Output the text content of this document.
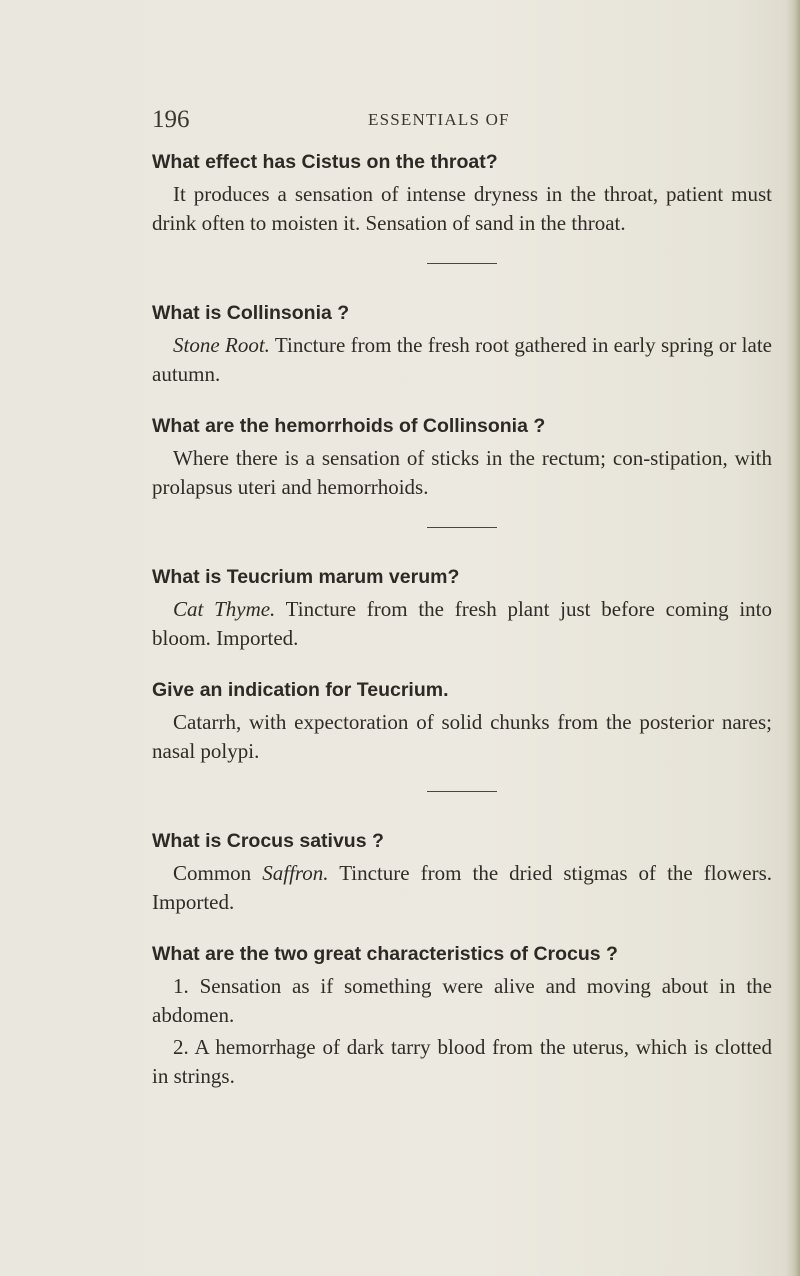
196	ESSENTIALS OF

What effect has Cistus on the throat?

It produces a sensation of intense dryness in the throat, patient must drink often to moisten it. Sensation of sand in the throat.

What is Collinsonia ?

Stone Root. Tincture from the fresh root gathered in early spring or late autumn.

What are the hemorrhoids of Collinsonia ?

Where there is a sensation of sticks in the rectum; con-stipation, with prolapsus uteri and hemorrhoids.

What is Teucrium marum verum?

Cat Thyme. Tincture from the fresh plant just before coming into bloom. Imported.

Give an indication for Teucrium.

Catarrh, with expectoration of solid chunks from the posterior nares; nasal polypi.

What is Crocus sativus ?

Common Saffron. Tincture from the dried stigmas of the flowers. Imported.

What are the two great characteristics of Crocus ?

1. Sensation as if something were alive and moving about in the abdomen.

2. A hemorrhage of dark tarry blood from the uterus, which is clotted in strings.
